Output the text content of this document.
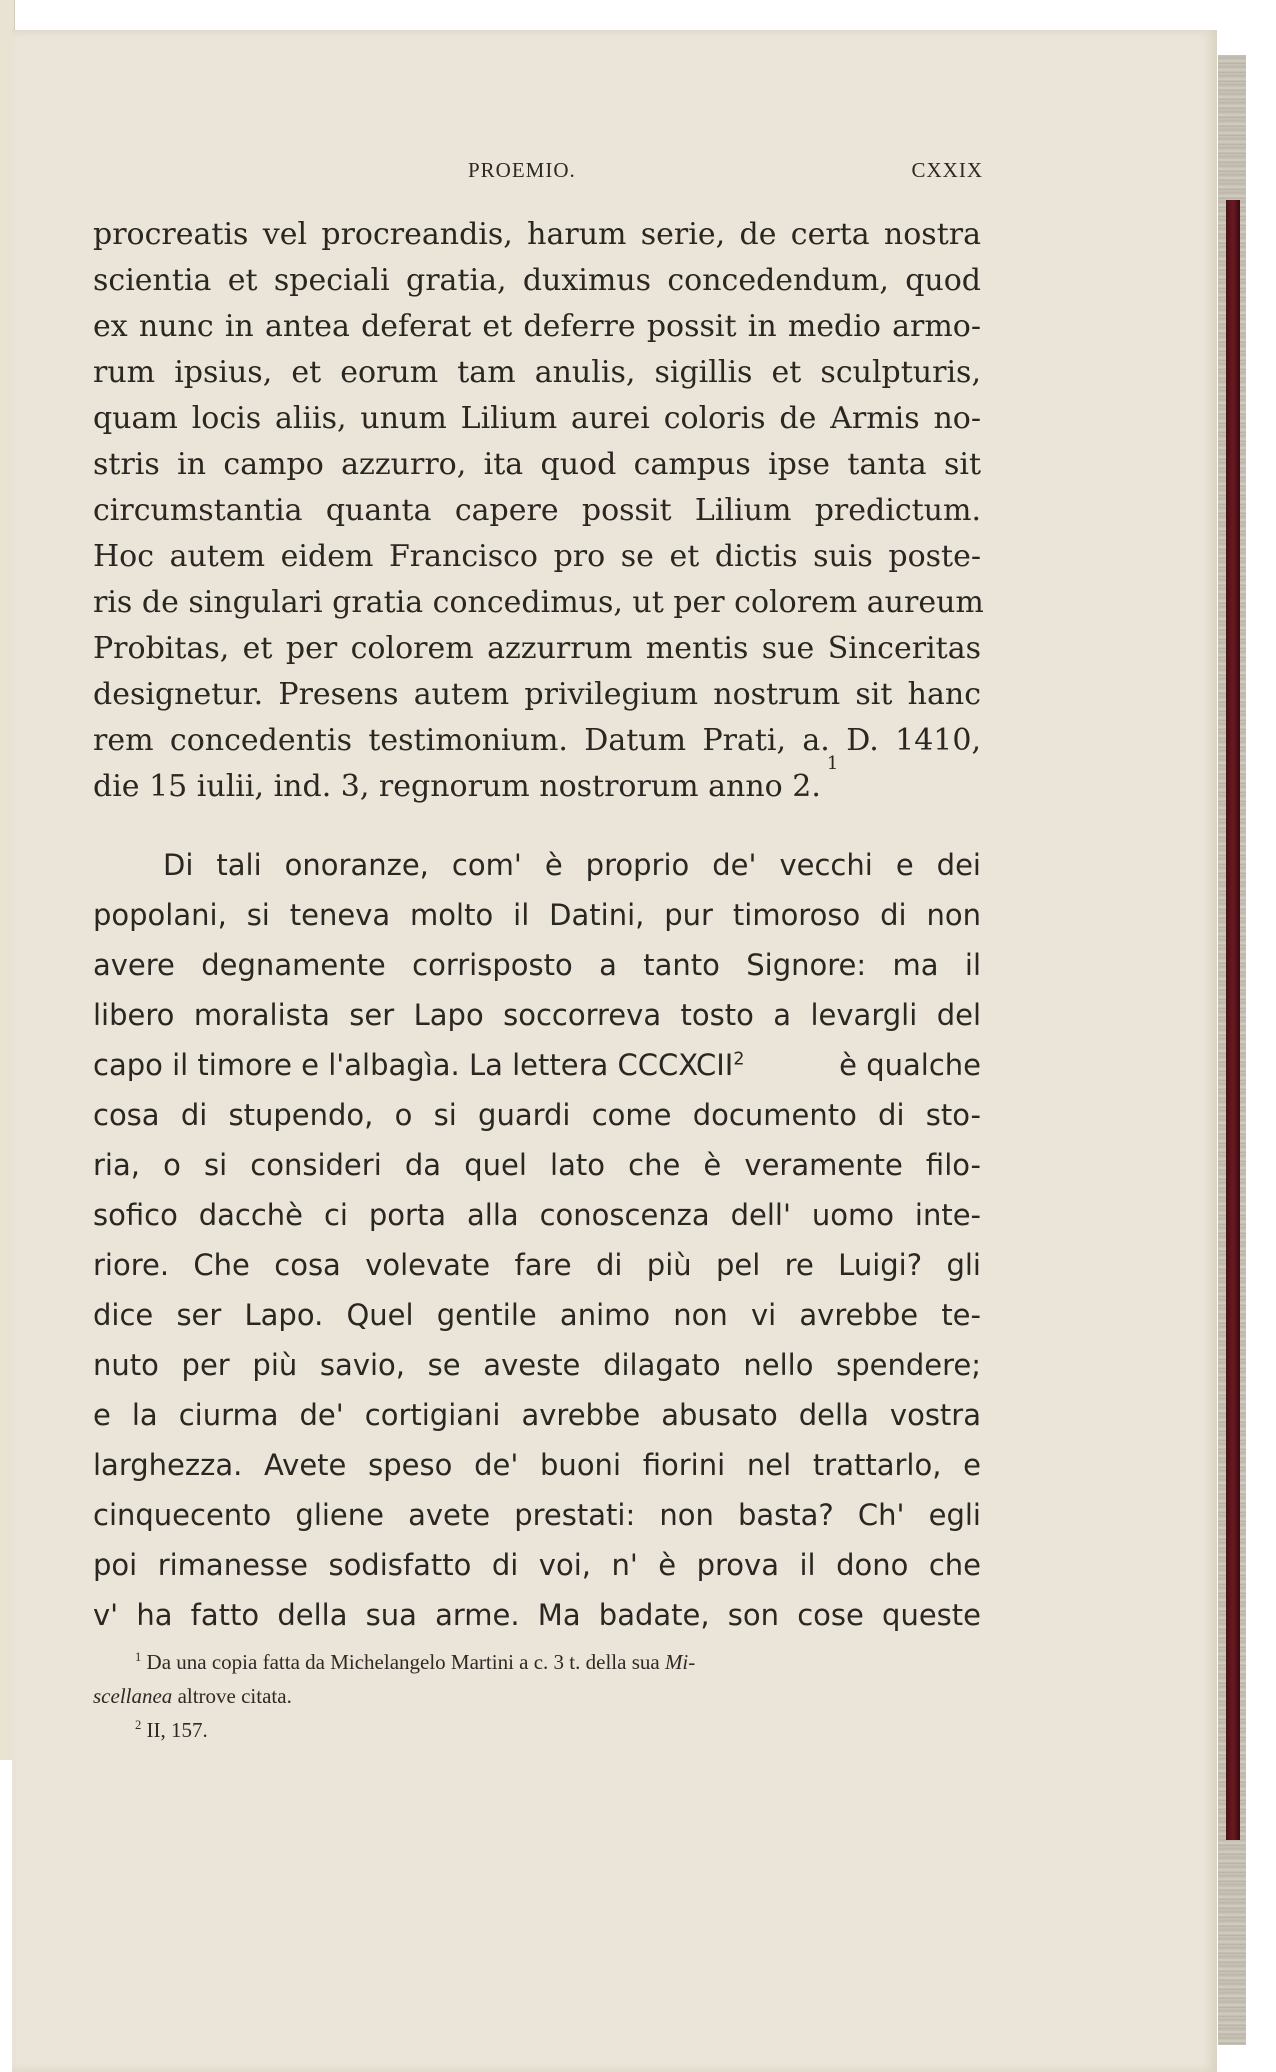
PROEMIO.	CXXIX
procreatis vel procreandis, harum serie, de certa nostra
scientia et speciali gratia, duximus concedendum, quod
ex nunc in antea deferat et deferre possit in medio armo-
rum ipsius, et eorum tam anulis, sigillis et sculpturis,
quam locis aliis, unum Lilium aurei coloris de Armis no-
stris in campo azzurro, ita quod campus ipse tanta sit
circumstantia quanta capere possit Lilium predictum.
Hoc autem eidem Francisco pro se et dictis suis poste-
ris de singulari gratia concedimus, ut per colorem aureum
Probitas, et per colorem azzurrum mentis sue Sinceritas
designetur. Presens autem privilegium nostrum sit hanc
rem concedentis testimonium. Datum Prati, a. D. 1410,
die 15 iulii, ind. 3, regnorum nostrorum anno 2.
1
Di tali onoranze, com' è proprio de' vecchi e dei
popolani, si teneva molto il Datini, pur timoroso di non
avere degnamente corrisposto a tanto Signore: ma il
libero moralista ser Lapo soccorreva tosto a levargli del
capo il timore e l'albagìa. La lettera CCCXCII$^2$	è qualche
cosa di stupendo, o si guardi come documento di sto-
ria, o si consideri da quel lato che è veramente filo-
sofico dacchè ci porta alla conoscenza dell' uomo inte-
riore. Che cosa volevate fare di più pel re Luigi? gli
dice ser Lapo. Quel gentile animo non vi avrebbe te-
nuto per più savio, se aveste dilagato nello spendere;
e la ciurma de' cortigiani avrebbe abusato della vostra
larghezza. Avete speso de' buoni fiorini nel trattarlo, e
cinquecento gliene avete prestati: non basta? Ch' egli
poi rimanesse sodisfatto di voi, n' è prova il dono che
v' ha fatto della sua arme. Ma badate, son cose queste
$^1$ Da una copia fatta da Michelangelo Martini a c. 3 t. della sua Mi-
scellanea altrove citata.
$^2$ II, 157.
